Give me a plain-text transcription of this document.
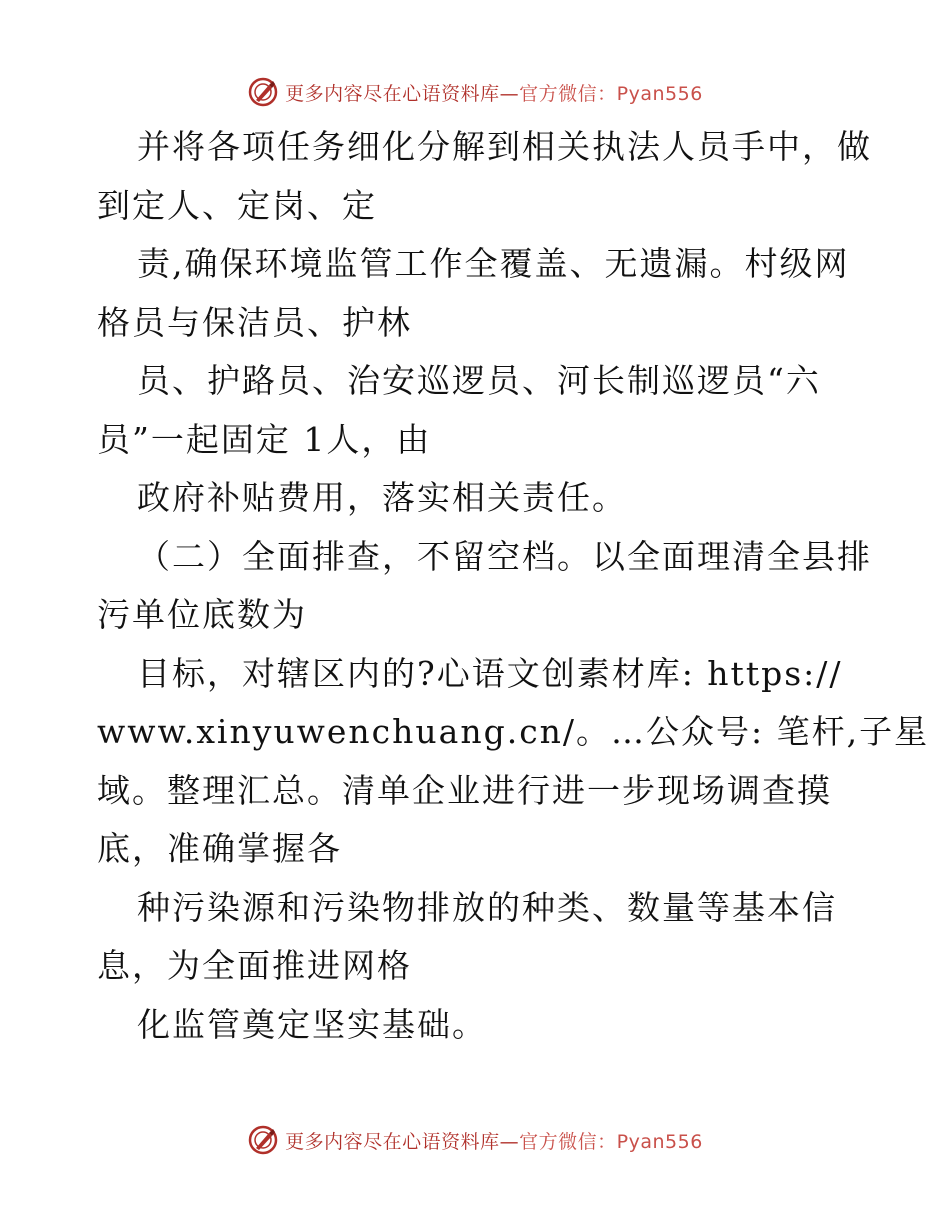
更多内容尽在心语资料库—官方微信：Pyan556
并将各项任务细化分解到相关执法人员手中，做
到定人、定岗、定
责,确保环境监管工作全覆盖、无遗漏。村级网
格员与保洁员、护林
员、护路员、治安巡逻员、河长制巡逻员“六
员”一起固定 1人，由
政府补贴费用，落实相关责任。
（二）全面排查，不留空档。以全面理清全县排
污单位底数为
目标，对辖区内的?心语文创素材库: https://
www.xinyuwenchuang.cn/。…公众号: 笔杆,子星
域。整理汇总。清单企业进行进一步现场调查摸
底，准确掌握各
种污染源和污染物排放的种类、数量等基本信
息，为全面推进网格
化监管奠定坚实基础。
更多内容尽在心语资料库—官方微信：Pyan556
